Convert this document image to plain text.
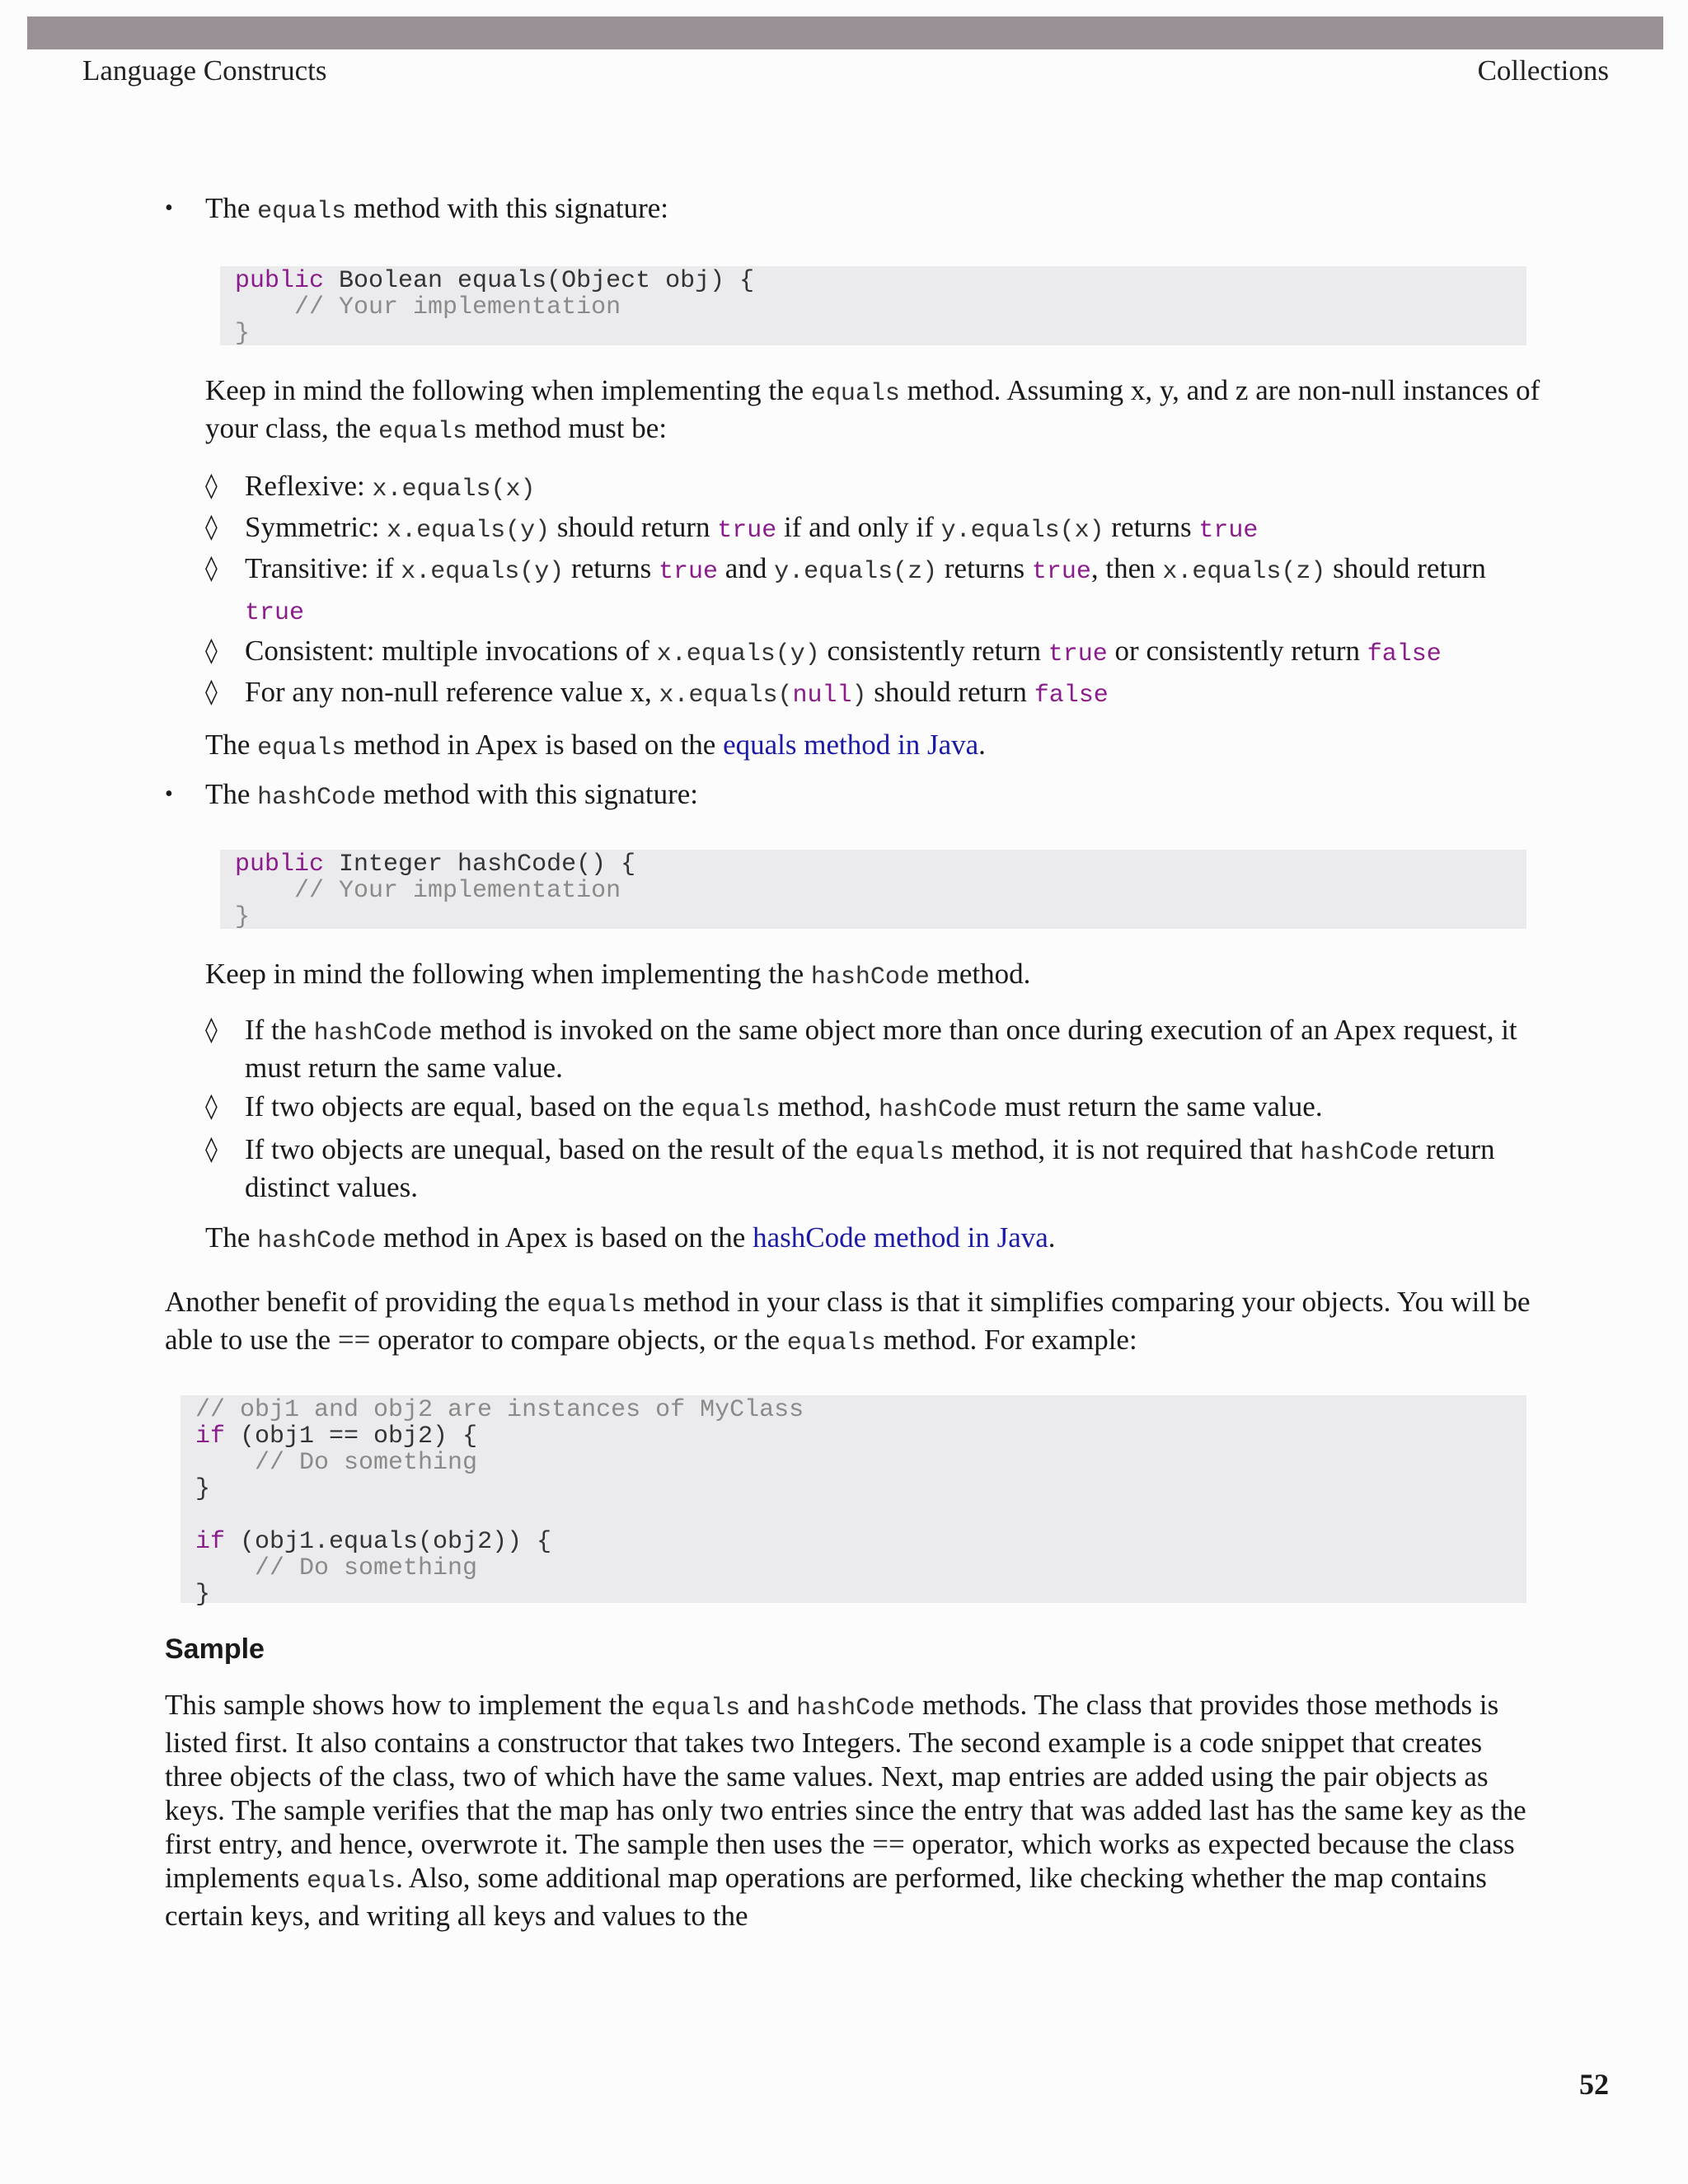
Language Constructs	Collections
• The equals method with this signature:

public Boolean equals(Object obj) {
// Your implementation
}

Keep in mind the following when implementing the equals method. Assuming x, y, and z are non-null instances of your class, the equals method must be:

◊ Reflexive: x.equals(x)
◊ Symmetric: x.equals(y) should return true if and only if y.equals(x) returns true
◊ Transitive: if x.equals(y) returns true and y.equals(z) returns true, then x.equals(z) should return true
◊ Consistent: multiple invocations of x.equals(y) consistently return true or consistently return false
◊ For any non-null reference value x, x.equals(null) should return false

The equals method in Apex is based on the equals method in Java.

• The hashCode method with this signature:

public Integer hashCode() {
// Your implementation
}

Keep in mind the following when implementing the hashCode method.

◊ If the hashCode method is invoked on the same object more than once during execution of an Apex request, it must return the same value.
◊ If two objects are equal, based on the equals method, hashCode must return the same value.
◊ If two objects are unequal, based on the result of the equals method, it is not required that hashCode return distinct values.

The hashCode method in Apex is based on the hashCode method in Java.

Another benefit of providing the equals method in your class is that it simplifies comparing your objects. You will be able to use the == operator to compare objects, or the equals method. For example:

// obj1 and obj2 are instances of MyClass
if (obj1 == obj2) {
// Do something
}

if (obj1.equals(obj2)) {
// Do something
}
Sample

This sample shows how to implement the equals and hashCode methods. The class that provides those methods is listed first. It also contains a constructor that takes two Integers. The second example is a code snippet that creates three objects of the class, two of which have the same values. Next, map entries are added using the pair objects as keys. The sample verifies that the map has only two entries since the entry that was added last has the same key as the first entry, and hence, overwrote it. The sample then uses the == operator, which works as expected because the class implements equals. Also, some additional map operations are performed, like checking whether the map contains certain keys, and writing all keys and values to the

52
